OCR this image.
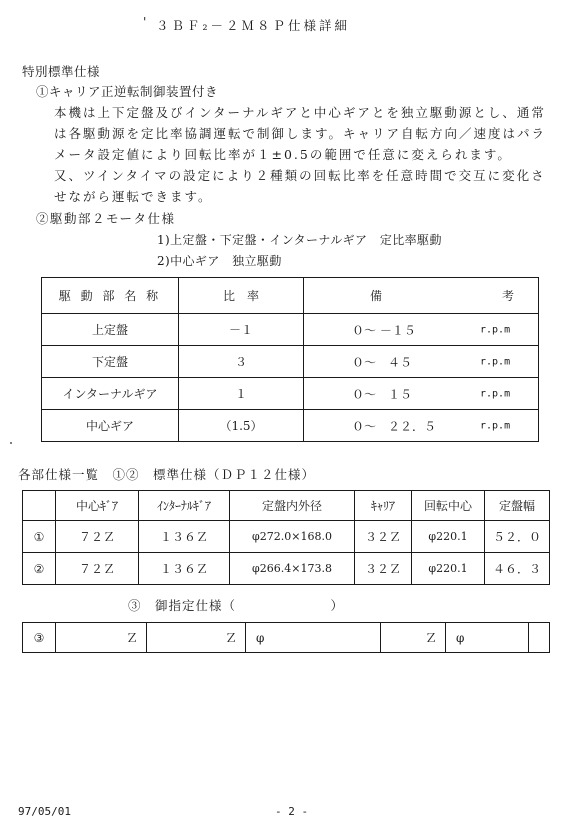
' ３ＢＦ₂－２Ｍ８Ｐ仕様詳細
特別標準仕様
①キャリア正逆転制御装置付き
本機は上下定盤及びインターナルギアと中心ギアとを独立駆動源とし、通常
は各駆動源を定比率協調運転で制御します。キャリア自転方向／速度はパラ
メータ設定値により回転比率が１±0.5の範囲で任意に変えられます。
又、ツインタイマの設定により２種類の回転比率を任意時間で交互に変化さ
せながら運転できます。
②駆動部２モータ仕様
1)上定盤・下定盤・インターナルギア　定比率駆動
2)中心ギア　独立駆動
駆 動 部 名 称	比　率	備 考

上定盤	－１	０～ －１５ r.p.m

下定盤	３	０～　４５ r.p.m

インターナルギア	１	０～　１５ r.p.m

中心ギア	（1.5）	０～　２２．５ r.p.m
各部仕様一覧　①②　標準仕様（ＤＰ１２仕様）
	中心ｷﾞｱ	ｲﾝﾀｰﾅﾙｷﾞｱ	定盤内外径	ｷｬﾘｱ	回転中心	定盤幅
①	７２Ｚ	１３６Ｚ	φ272.0×168.0	３２Ｚ	φ220.1	５２．０
②	７２Ｚ	１３６Ｚ	φ266.4×173.8	３２Ｚ	φ220.1	４６．３
③　御指定仕様（　　　　　　　）
③	Ｚ	Ｚ	φ	Ｚ	φ	
97/05/01	- 2 -
